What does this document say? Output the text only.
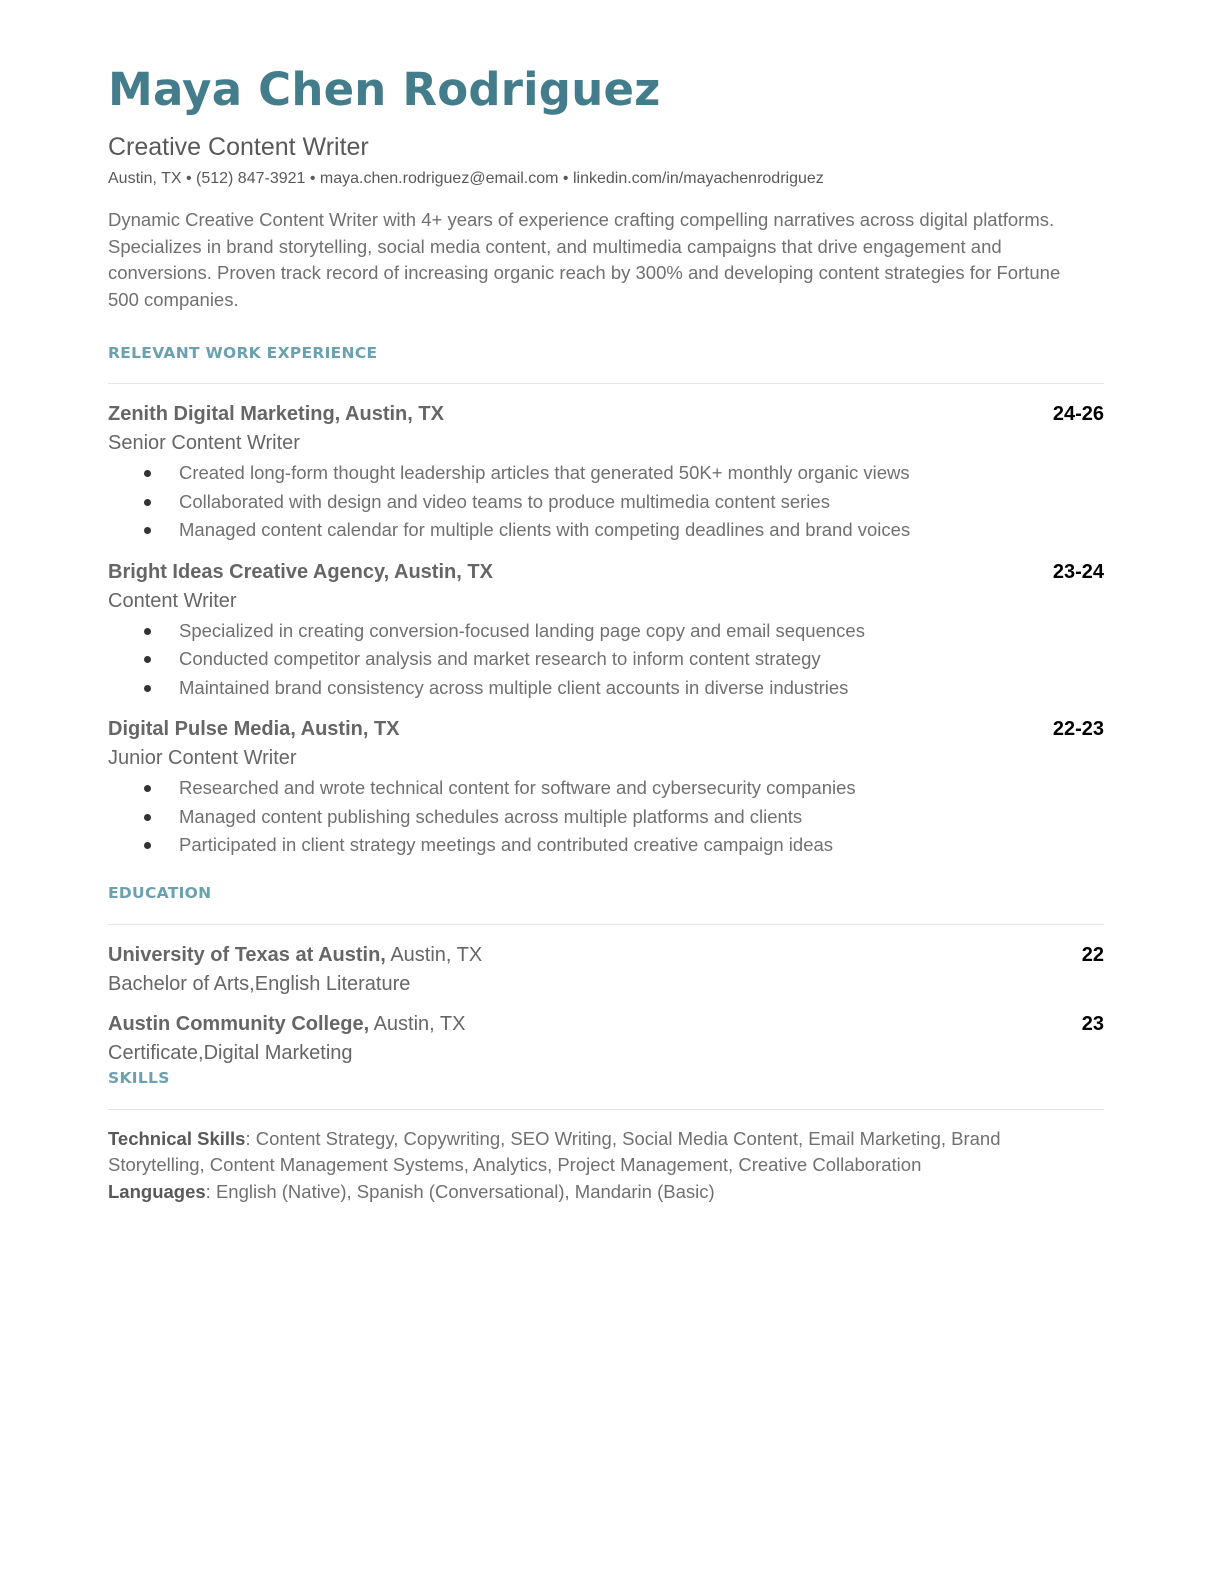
Maya Chen Rodriguez
Creative Content Writer
Austin, TX • (512) 847-3921 • maya.chen.rodriguez@email.com • linkedin.com/in/mayachenrodriguez
Dynamic Creative Content Writer with 4+ years of experience crafting compelling narratives across digital platforms. Specializes in brand storytelling, social media content, and multimedia campaigns that drive engagement and conversions. Proven track record of increasing organic reach by 300% and developing content strategies for Fortune 500 companies.
RELEVANT WORK EXPERIENCE
Zenith Digital Marketing, Austin, TX	24-26
Senior Content Writer
Created long-form thought leadership articles that generated 50K+ monthly organic views
Collaborated with design and video teams to produce multimedia content series
Managed content calendar for multiple clients with competing deadlines and brand voices
Bright Ideas Creative Agency, Austin, TX	23-24
Content Writer
Specialized in creating conversion-focused landing page copy and email sequences
Conducted competitor analysis and market research to inform content strategy
Maintained brand consistency across multiple client accounts in diverse industries
Digital Pulse Media, Austin, TX	22-23
Junior Content Writer
Researched and wrote technical content for software and cybersecurity companies
Managed content publishing schedules across multiple platforms and clients
Participated in client strategy meetings and contributed creative campaign ideas
EDUCATION
University of Texas at Austin, Austin, TX	22
Bachelor of Arts,English Literature
Austin Community College, Austin, TX	23
Certificate,Digital Marketing
SKILLS
Technical Skills: Content Strategy, Copywriting, SEO Writing, Social Media Content, Email Marketing, Brand Storytelling, Content Management Systems, Analytics, Project Management, Creative Collaboration
Languages: English (Native), Spanish (Conversational), Mandarin (Basic)
